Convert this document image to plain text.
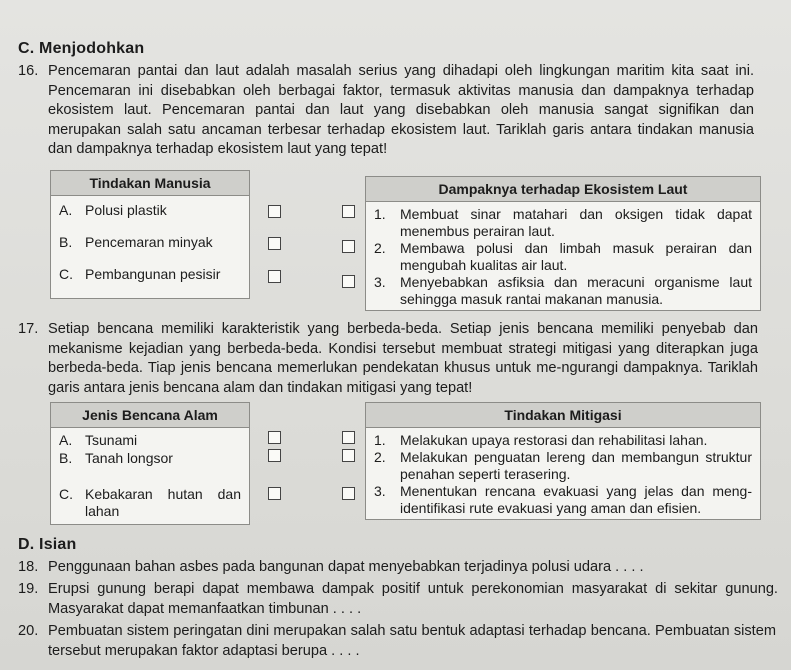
C. Menjodohkan
16. Pencemaran pantai dan laut adalah masalah serius yang dihadapi oleh lingkungan maritim kita saat ini. Pencemaran ini disebabkan oleh berbagai faktor, termasuk aktivitas manusia dan dampaknya terhadap ekosistem laut. Pencemaran pantai dan laut yang disebabkan oleh manusia sangat signifikan dan merupakan salah satu ancaman terbesar terhadap ekosistem laut. Tariklah garis antara tindakan manusia dan dampaknya terhadap ekosistem laut yang tepat!
Tindakan Manusia

A. Polusi plastik
B. Pencemaran minyak
C. Pembangunan pesisir
Dampaknya terhadap Ekosistem Laut

1.	Membuat sinar matahari dan oksigen tidak dapat menembus perairan laut.
2.	Membawa polusi dan limbah masuk perairan dan mengubah kualitas air laut.
3.	Menyebabkan asfiksia dan meracuni organisme laut sehingga masuk rantai makanan manusia.
17. Setiap bencana memiliki karakteristik yang berbeda-beda. Setiap jenis bencana memiliki penyebab dan mekanisme kejadian yang berbeda-beda. Kondisi tersebut membuat strategi mitigasi yang diterapkan juga berbeda-beda. Tiap jenis bencana memerlukan pendekatan khusus untuk me-ngurangi dampaknya. Tariklah garis antara jenis bencana alam dan tindakan mitigasi yang tepat!
Jenis Bencana Alam

A. Tsunami
B. Tanah longsor
C. Kebakaran hutan dan lahan
Tindakan Mitigasi

1.	Melakukan upaya restorasi dan rehabilitasi lahan.
2.	Melakukan penguatan lereng dan membangun struktur penahan seperti terasering.
3.	Menentukan rencana evakuasi yang jelas dan meng-identifikasi rute evakuasi yang aman dan efisien.
D. Isian
18. Penggunaan bahan asbes pada bangunan dapat menyebabkan terjadinya polusi udara . . . .
19. Erupsi gunung berapi dapat membawa dampak positif untuk perekonomian masyarakat di sekitar gunung. Masyarakat dapat memanfaatkan timbunan . . . .
20. Pembuatan sistem peringatan dini merupakan salah satu bentuk adaptasi terhadap bencana. Pembuatan sistem tersebut merupakan faktor adaptasi berupa . . . .
